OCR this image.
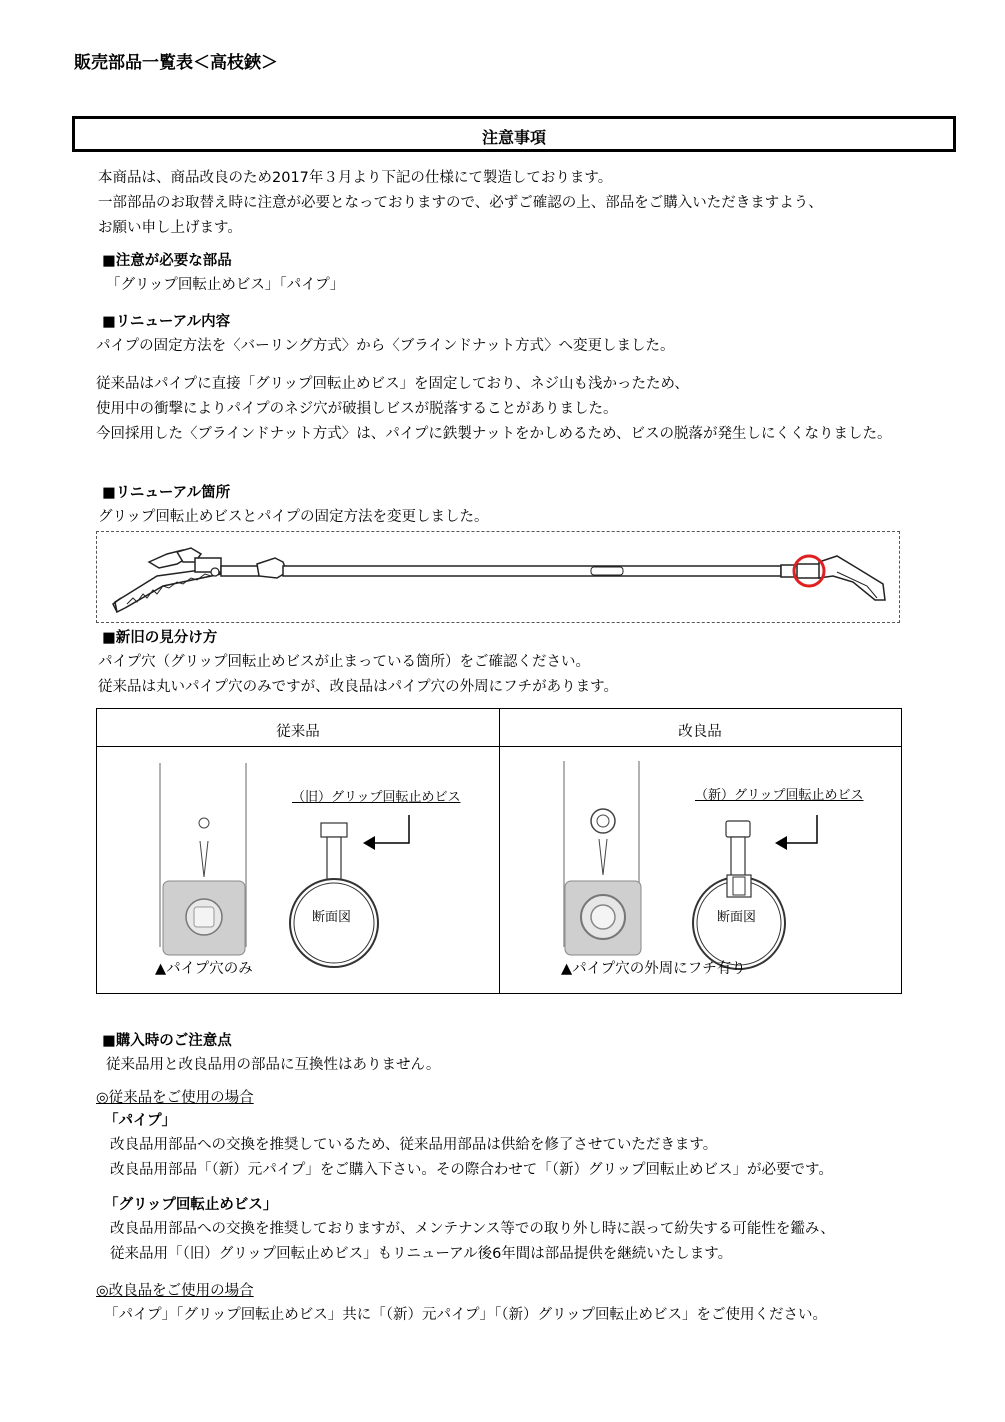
販売部品一覧表＜高枝鋏＞
注意事項
本商品は、商品改良のため2017年３月より下記の仕様にて製造しております。
一部部品のお取替え時に注意が必要となっておりますので、必ずご確認の上、部品をご購入いただきますよう、
お願い申し上げます。
■注意が必要な部品
「グリップ回転止めビス」「パイプ」
■リニューアル内容
パイプの固定方法を〈バーリング方式〉から〈ブラインドナット方式〉へ変更しました。
従来品はパイプに直接「グリップ回転止めビス」を固定しており、ネジ山も浅かったため、
使用中の衝撃によりパイプのネジ穴が破損しビスが脱落することがありました。
今回採用した〈ブラインドナット方式〉は、パイプに鉄製ナットをかしめるため、ビスの脱落が発生しにくくなりました。
■リニューアル箇所
グリップ回転止めビスとパイプの固定方法を変更しました。
■新旧の見分け方
パイプ穴（グリップ回転止めビスが止まっている箇所）をご確認ください。
従来品は丸いパイプ穴のみですが、改良品はパイプ穴の外周にフチがあります。
従来品	改良品
（旧）グリップ回転止めビス
断面図
▲パイプ穴のみ
（新）グリップ回転止めビス
断面図
▲パイプ穴の外周にフチ有り
■購入時のご注意点
従来品用と改良品用の部品に互換性はありません。
◎従来品をご使用の場合
「パイプ」
改良品用部品への交換を推奨しているため、従来品用部品は供給を修了させていただきます。
改良品用部品「（新）元パイプ」をご購入下さい。その際合わせて「（新）グリップ回転止めビス」が必要です。
「グリップ回転止めビス」
改良品用部品への交換を推奨しておりますが、メンテナンス等での取り外し時に誤って紛失する可能性を鑑み、
従来品用「（旧）グリップ回転止めビス」もリニューアル後6年間は部品提供を継続いたします。
◎改良品をご使用の場合
「パイプ」「グリップ回転止めビス」共に「（新）元パイプ」「（新）グリップ回転止めビス」をご使用ください。
